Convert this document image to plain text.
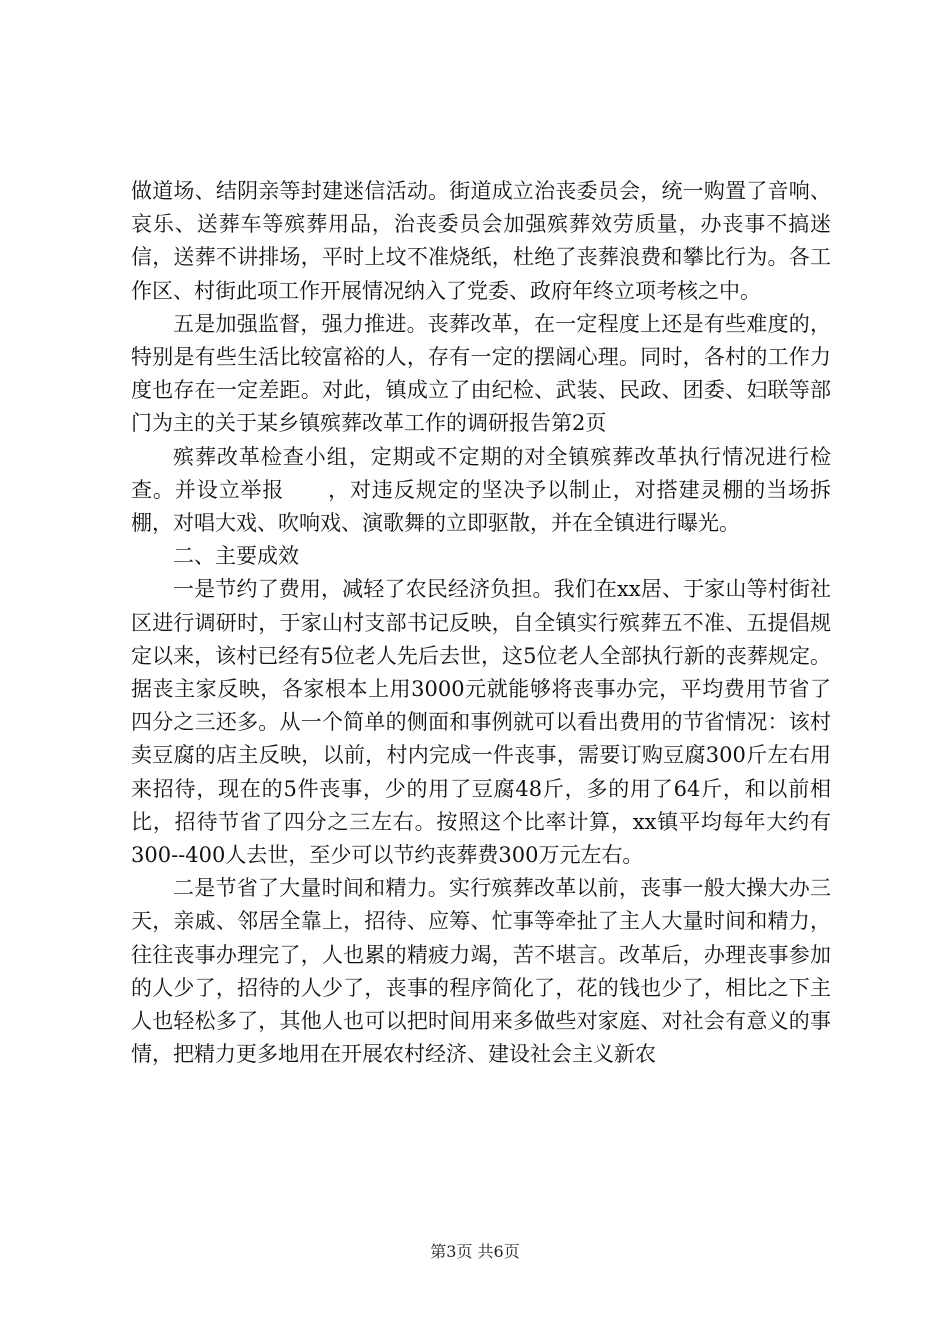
做道场、结阴亲等封建迷信活动。街道成立治丧委员会，统一购置了音响、哀乐、送葬车等殡葬用品，治丧委员会加强殡葬效劳质量，办丧事不搞迷信，送葬不讲排场，平时上坟不准烧纸，杜绝了丧葬浪费和攀比行为。各工作区、村街此项工作开展情况纳入了党委、政府年终立项考核之中。

五是加强监督，强力推进。丧葬改革，在一定程度上还是有些难度的，特别是有些生活比较富裕的人，存有一定的摆阔心理。同时，各村的工作力度也存在一定差距。对此，镇成立了由纪检、武装、民政、团委、妇联等部门为主的关于某乡镇殡葬改革工作的调研报告第2页

殡葬改革检查小组，定期或不定期的对全镇殡葬改革执行情况进行检查。并设立举报　　，对违反规定的坚决予以制止，对搭建灵棚的当场拆棚，对唱大戏、吹响戏、演歌舞的立即驱散，并在全镇进行曝光。

二、主要成效

一是节约了费用，减轻了农民经济负担。我们在xx居、于家山等村街社区进行调研时，于家山村支部书记反映，自全镇实行殡葬五不准、五提倡规定以来，该村已经有5位老人先后去世，这5位老人全部执行新的丧葬规定。据丧主家反映，各家根本上用3000元就能够将丧事办完，平均费用节省了四分之三还多。从一个简单的侧面和事例就可以看出费用的节省情况：该村卖豆腐的店主反映，以前，村内完成一件丧事，需要订购豆腐300斤左右用来招待，现在的5件丧事，少的用了豆腐48斤，多的用了64斤，和以前相比，招待节省了四分之三左右。按照这个比率计算，xx镇平均每年大约有300--400人去世，至少可以节约丧葬费300万元左右。

二是节省了大量时间和精力。实行殡葬改革以前，丧事一般大操大办三天，亲戚、邻居全靠上，招待、应筹、忙事等牵扯了主人大量时间和精力，往往丧事办理完了，人也累的精疲力竭，苦不堪言。改革后，办理丧事参加的人少了，招待的人少了，丧事的程序简化了，花的钱也少了，相比之下主人也轻松多了，其他人也可以把时间用来多做些对家庭、对社会有意义的事情，把精力更多地用在开展农村经济、建设社会主义新农

第3页 共6页
